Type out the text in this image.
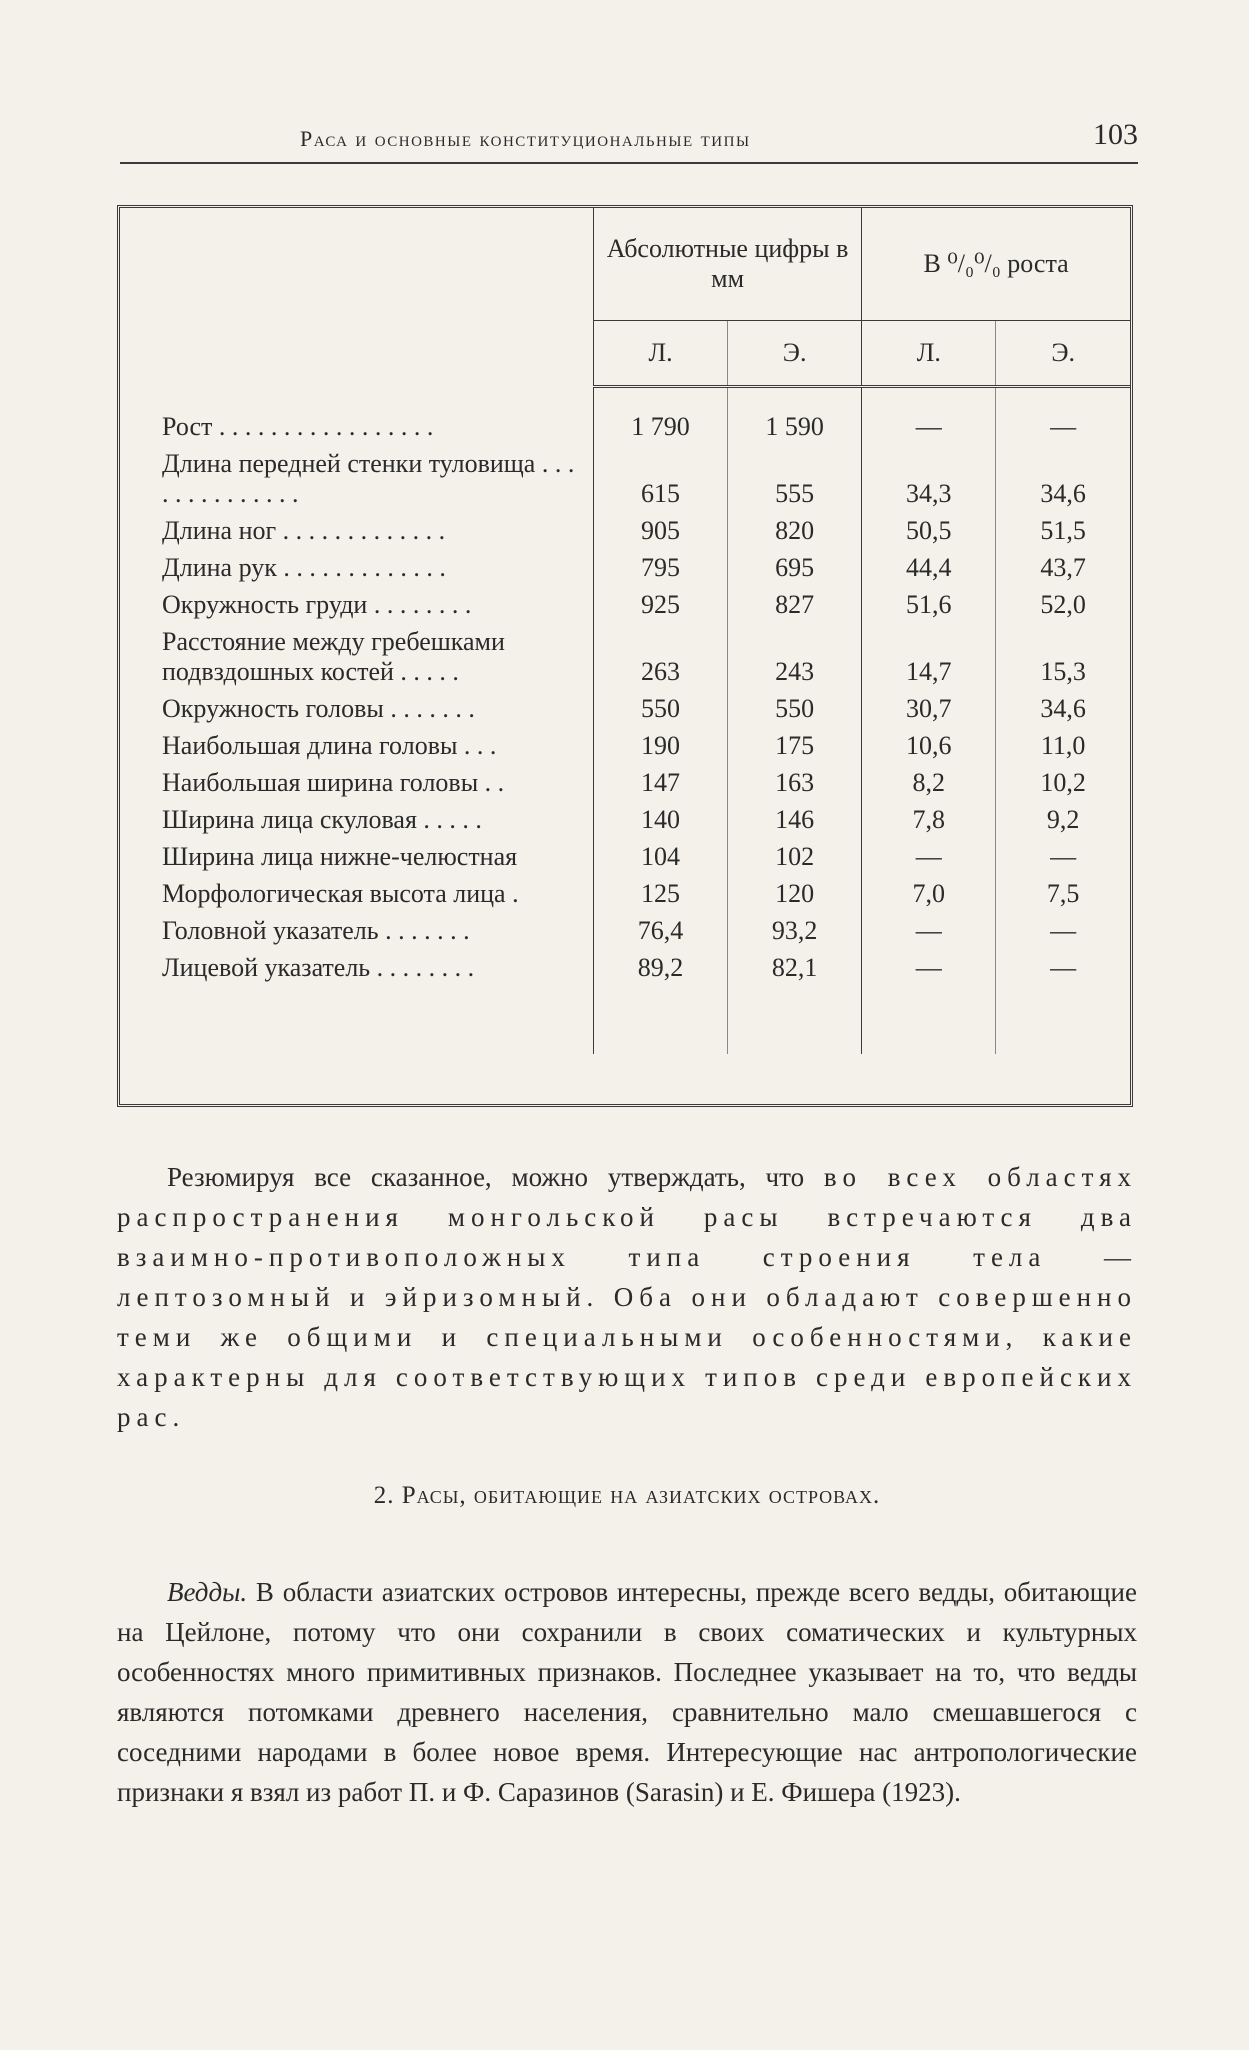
Раса и основные конституциональные типы	103
	Абсолютные цифры в мм		В ⁰/₀⁰/₀ роста	
	Л.	Э.	Л.	Э.
Рост . . . . . . . . . . . . . . . . .	1 790	1 590	—	—
Длина передней стенки туловища . . . . . . . . . . . . . .	615	555	34,3	34,6
Длина ног . . . . . . . . . . . . .	905	820	50,5	51,5
Длина рук . . . . . . . . . . . . .	795	695	44,4	43,7
Окружность груди . . . . . . . .	925	827	51,6	52,0
Расстояние между гребешками подвздошных костей . . . . .	263	243	14,7	15,3
Окружность головы . . . . . . .	550	550	30,7	34,6
Наибольшая длина головы . . .	190	175	10,6	11,0
Наибольшая ширина головы . .	147	163	8,2	10,2
Ширина лица скуловая . . . . .	140	146	7,8	9,2
Ширина лица нижне-челюстная	104	102	—	—
Морфологическая высота лица .	125	120	7,0	7,5
Головной указатель . . . . . . .	76,4	93,2	—	—
Лицевой указатель . . . . . . . .	89,2	82,1	—	—

Резюмируя все сказанное, можно утверждать, что во всех областях распространения монгольской расы встречаются два взаимно-противоположных типа строения тела — лептозомный и эйризомный. Оба они обладают совершенно теми же общими и специальными особенностями, какие характерны для соответствующих типов среди европейских рас.

2. Расы, обитающие на азиатских островах.

Ведды. В области азиатских островов интересны, прежде всего ведды, обитающие на Цейлоне, потому что они сохранили в своих соматических и культурных особенностях много примитивных признаков. Последнее указывает на то, что ведды являются потомками древнего населения, сравнительно мало смешавшегося с соседними народами в более новое время. Интересующие нас антропологические признаки я взял из работ П. и Ф. Саразинов (Sarasin) и Е. Фишера (1923).
